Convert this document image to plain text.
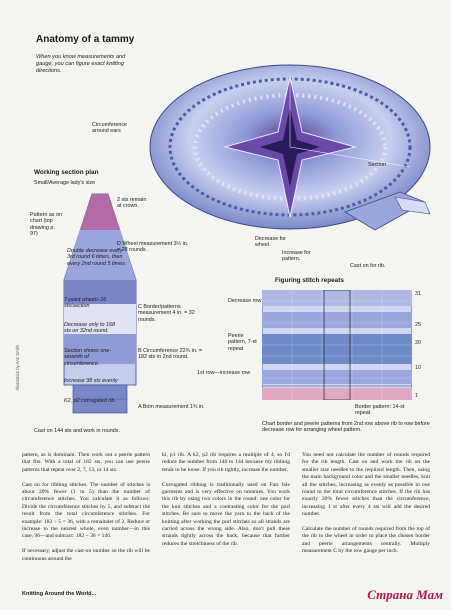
Anatomy of a tammy
When you know measurements and gauge, you can figure exact knitting directions.
Circumference around ears
Section
Decrease for wheel.
Increase for pattern.
Cast on for rib.
Working section plan
Small/Average lady's size
Pattern as on chart (top drawing p. 97)
2 sts remain at crown.
D Wheel measurement 3½ in. = 28 rounds.
Double decrease every 3rd round 6 times, then every 2nd round 5 times.
7-point wheels 26 sts/section	C Border/patterns measurement 4 in. = 32 rounds.
Decrease only to 168 sts on 32nd round.
Section shows one-seventh of circumference.
B Circumference 22¾ in. = 182 sts in 2nd round.
Increase 38 sts evenly
K2, p2 corrugated rib.
A Brim measurement 1¾ in.
Cast on 144 sts and work in rounds.
Figuring stitch repeats
31
25
20
10
1
Decrease row
Peerie pattern, 7-st repeat
1st row—increase row
Border pattern: 14-st repeat
Chart border and peerie patterns from 2nd row above rib to row before decrease row for arranging wheel pattern.
Illustration by Ann Smith
pattern, as is dominant. Then work out a peerie pattern that fits. With a total of 182 sts, you can use peerie patterns that repeat over 2, 7, 13, or 14 sts.

Cast on for ribbing stitches. The number of stitches is about 20% fewer (1 in 5) than the number of circumference stitches. You calculate it as follows: Divide the circumference stitches by 5, and subtract the result from the total circumference stitches. For example: 182 ÷ 5 = 36, with a remainder of 2. Reduce or increase to the nearest whole, even number—in this case, 36—and subtract: 182 − 36 = 146.

If necessary, adjust the cast-on number so the rib will be continuous around the
kl, p1 rib. A k2, p2 rib requires a multiple of 4, so I'd reduce the number from 146 to 144 because my ribbing tends to be loose. If you rib tightly, increase the number.

Corrugated ribbing is traditionally used on Fair Isle garments and is very effective on tammies. You work this rib by using two colors in the round: one color for the knit stitches and a contrasting color for the purl stitches. Be sure to move the yarn to the back of the knitting after working the purl stitches so all strands are carried across the wrong side. Also, don't pull these strands tightly across the back, because that further reduces the stretchiness of the rib.
You need not calculate the number of rounds required for the rib length. Cast on and work the rib on the smaller size needles to the required length. Then, using the main background color and the smaller needles, knit all the stitches, increasing as evenly as possible in one round to the total circumference stitches. If the rib has exactly 20% fewer stitches than the circumference, increasing 1 st after every 4 sts will add the desired number.

Calculate the number of rounds required from the top of the rib to the wheel in order to place the chosen border and peerie arrangements centrally. Multiply measurement C by the row gauge per inch.
Knitting Around the World...	Страна Мам
